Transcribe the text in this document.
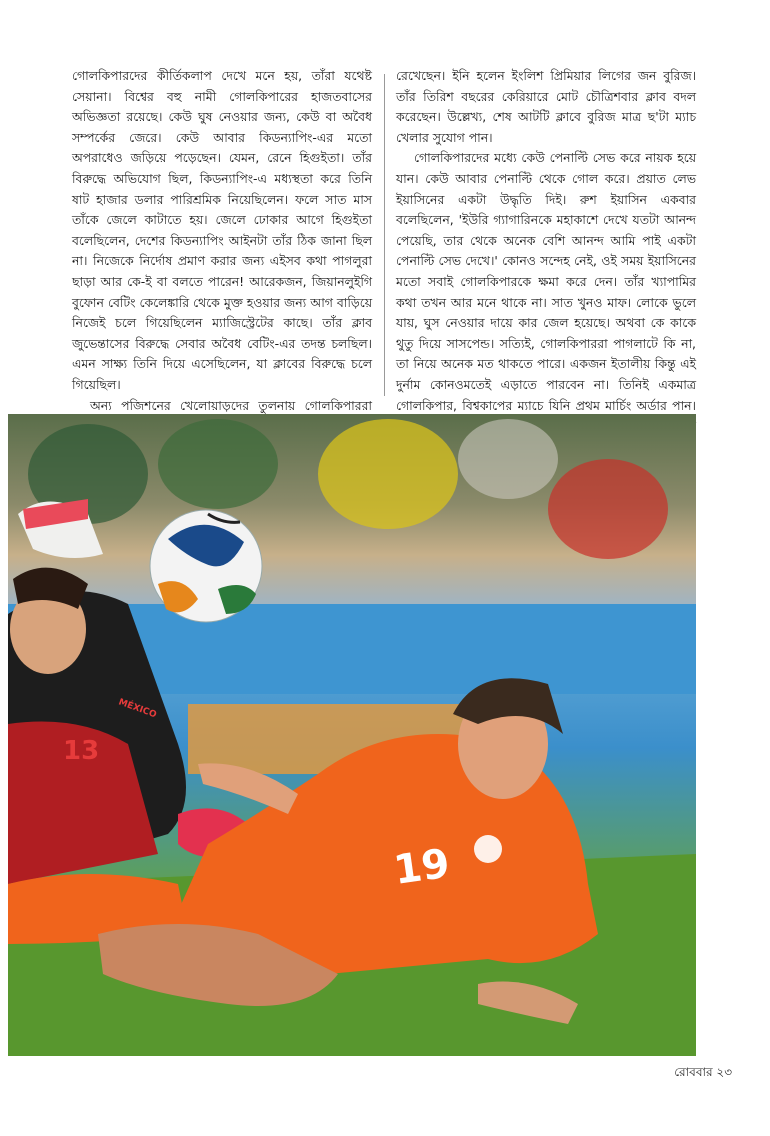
গোলকিপারদের কীর্তিকলাপ দেখে মনে হয়, তাঁরা যথেষ্ট সেয়ানা। বিশ্বের বহু নামী গোলকিপারের হাজতবাসের অভিজ্ঞতা রয়েছে। কেউ ঘুষ নেওয়ার জন্য, কেউ বা অবৈধ সম্পর্কের জেরে। কেউ আবার কিডন্যাপিং-এর মতো অপরাধেও জড়িয়ে পড়েছেন। যেমন, রেনে হিগুইতা। তাঁর বিরুদ্ধে অভিযোগ ছিল, কিডন্যাপিং-এ মধ্যস্থতা করে তিনি ষাট হাজার ডলার পারিশ্রমিক নিয়েছিলেন। ফলে সাত মাস তাঁকে জেলে কাটাতে হয়। জেলে ঢোকার আগে হিগুইতা বলেছিলেন, দেশের কিডন্যাপিং আইনটা তাঁর ঠিক জানা ছিল না। নিজেকে নির্দোষ প্রমাণ করার জন্য এইসব কথা পাগলুরা ছাড়া আর কে-ই বা বলতে পারেন! আরেকজন, জিয়ানলুইগি বুফোন বেটিং কেলেঙ্কারি থেকে মুক্ত হওয়ার জন্য আগ বাড়িয়ে নিজেই চলে গিয়েছিলেন ম্যাজিস্ট্রেটের কাছে। তাঁর ক্লাব জুভেন্তাসের বিরুদ্ধে সেবার অবৈধ বেটিং-এর তদন্ত চলছিল। এমন সাক্ষ্য তিনি দিয়ে এসেছিলেন, যা ক্লাবের বিরুদ্ধে চলে গিয়েছিল।

অন্য পজিশনের খেলোয়াড়দের তুলনায় গোলকিপাররা

রেখেছেন। ইনি হলেন ইংলিশ প্রিমিয়ার লিগের জন বুরিজ। তাঁর তিরিশ বছরের কেরিয়ারে মোট চৌত্রিশবার ক্লাব বদল করেছেন। উল্লেখ্য, শেষ আটটি ক্লাবে বুরিজ মাত্র ছ'টা ম্যাচ খেলার সুযোগ পান।

গোলকিপারদের মধ্যে কেউ পেনাল্টি সেভ করে নায়ক হয়ে যান। কেউ আবার পেনাল্টি থেকে গোল করে। প্রয়াত লেভ ইয়াসিনের একটা উদ্ধৃতি দিই। রুশ ইয়াসিন একবার বলেছিলেন, 'ইউরি গ্যাগারিনকে মহাকাশে দেখে যতটা আনন্দ পেয়েছি, তার থেকে অনেক বেশি আনন্দ আমি পাই একটা পেনাল্টি সেভ দেখে।' কোনও সন্দেহ নেই, ওই সময় ইয়াসিনের মতো সবাই গোলকিপারকে ক্ষমা করে দেন। তাঁর খ্যাপামির কথা তখন আর মনে থাকে না। সাত খুনও মাফ। লোকে ভুলে যায়, ঘুস নেওয়ার দায়ে কার জেল হয়েছে। অথবা কে কাকে থুতু দিয়ে সাসপেন্ড। সত্যিই, গোলকিপাররা পাগলাটে কি না, তা নিয়ে অনেক মত থাকতে পারে। একজন ইতালীয় কিন্তু এই দুর্নাম কোনওমতেই এড়াতে পারবেন না। তিনিই একমাত্র গোলকিপার, বিশ্বকাপের ম্যাচে যিনি প্রথম মার্চিং অর্ডার পান।

13
MÉXICO
19
রোববার ২৩
